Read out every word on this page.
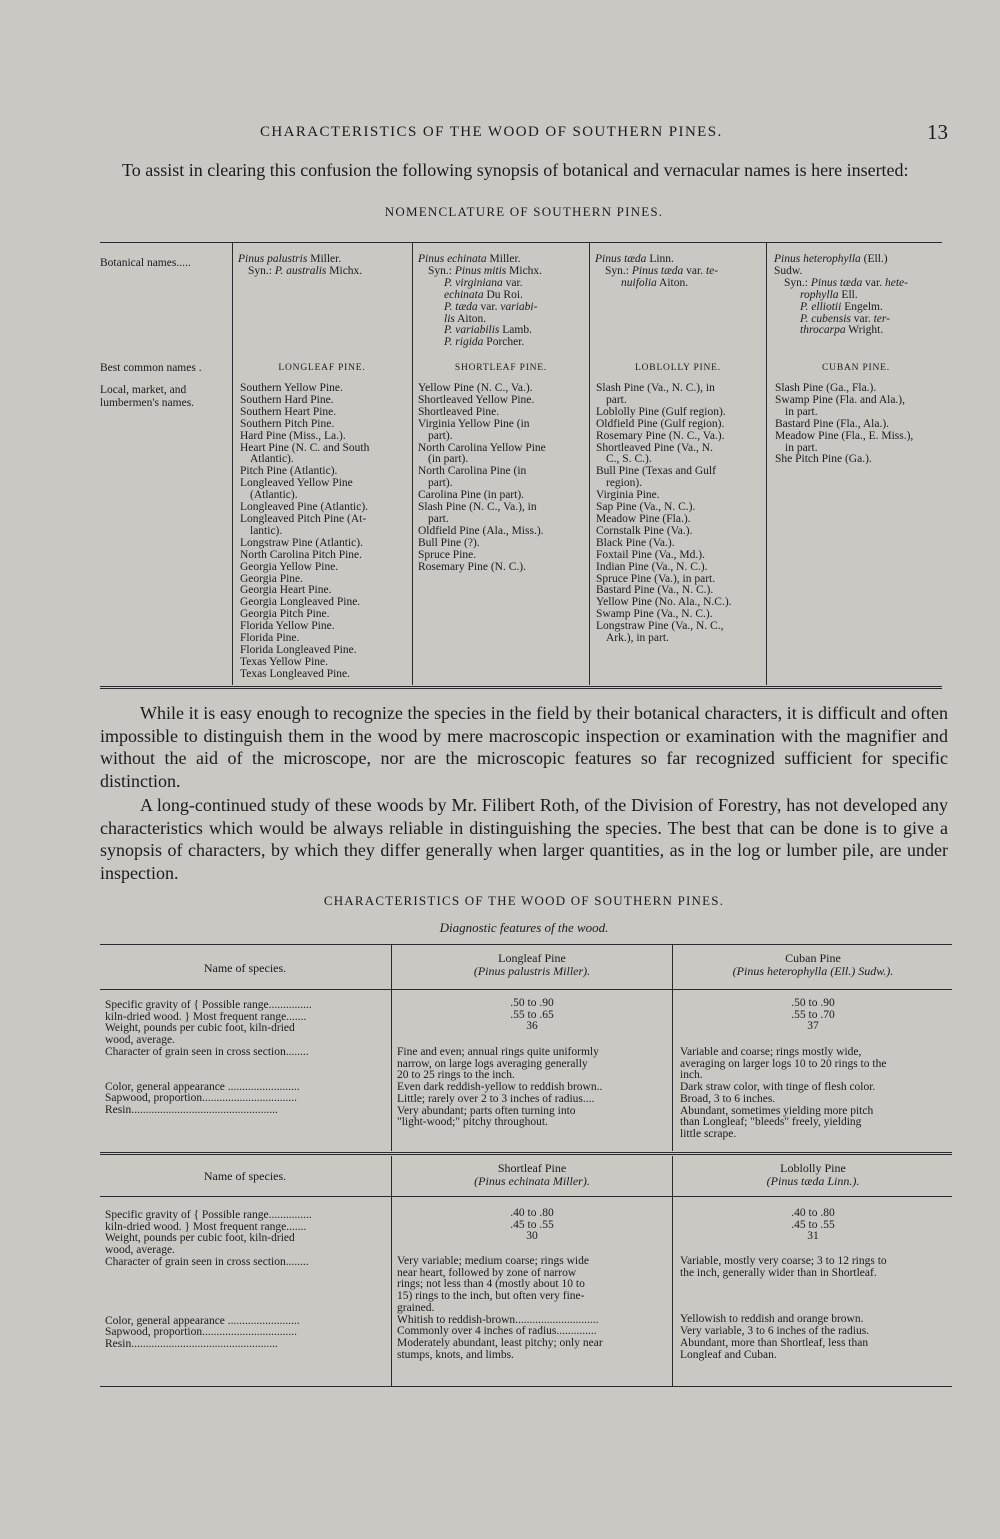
CHARACTERISTICS OF THE WOOD OF SOUTHERN PINES.	13
To assist in clearing this confusion the following synopsis of botanical and vernacular names is here inserted:
NOMENCLATURE OF SOUTHERN PINES.
Botanical names.....
Best common names .
Local, market, and
lumbermen's names.
Pinus palustris Miller.
Syn.: P. australis Michx.
LONGLEAF PINE.
Southern Yellow Pine.
Southern Hard Pine.
Southern Heart Pine.
Southern Pitch Pine.
Hard Pine (Miss., La.).
Heart Pine (N. C. and South
Atlantic).
Pitch Pine (Atlantic).
Longleaved Yellow Pine
(Atlantic).
Longleaved Pine (Atlantic).
Longleaved Pitch Pine (At-
lantic).
Longstraw Pine (Atlantic).
North Carolina Pitch Pine.
Georgia Yellow Pine.
Georgia Pine.
Georgia Heart Pine.
Georgia Longleaved Pine.
Georgia Pitch Pine.
Florida Yellow Pine.
Florida Pine.
Florida Longleaved Pine.
Texas Yellow Pine.
Texas Longleaved Pine.
Pinus echinata Miller.
Syn.: Pinus mitis Michx.
P. virginiana var.
echinata Du Roi.
P. tæda var. variabi-
lis Aiton.
P. variabilis Lamb.
P. rigida Porcher.
SHORTLEAF PINE.
Yellow Pine (N. C., Va.).
Shortleaved Yellow Pine.
Shortleaved Pine.
Virginia Yellow Pine (in
part).
North Carolina Yellow Pine
(in part).
North Carolina Pine (in
part).
Carolina Pine (in part).
Slash Pine (N. C., Va.), in
part.
Oldfield Pine (Ala., Miss.).
Bull Pine (?).
Spruce Pine.
Rosemary Pine (N. C.).
Pinus tæda Linn.
Syn.: Pinus tæda var. te-
nuifolia Aiton.
LOBLOLLY PINE.
Slash Pine (Va., N. C.), in
part.
Loblolly Pine (Gulf region).
Oldfield Pine (Gulf region).
Rosemary Pine (N. C., Va.).
Shortleaved Pine (Va., N.
C., S. C.).
Bull Pine (Texas and Gulf
region).
Virginia Pine.
Sap Pine (Va., N. C.).
Meadow Pine (Fla.).
Cornstalk Pine (Va.).
Black Pine (Va.).
Foxtail Pine (Va., Md.).
Indian Pine (Va., N. C.).
Spruce Pine (Va.), in part.
Bastard Pine (Va., N. C.).
Yellow Pine (No. Ala., N.C.).
Swamp Pine (Va., N. C.).
Longstraw Pine (Va., N. C.,
Ark.), in part.
Pinus heterophylla (Ell.)
Sudw.
Syn.: Pinus tæda var. hete-
rophylla Ell.
P. elliotii Engelm.
P. cubensis var. ter-
throcarpa Wright.
CUBAN PINE.
Slash Pine (Ga., Fla.).
Swamp Pine (Fla. and Ala.),
in part.
Bastard Pine (Fla., Ala.).
Meadow Pine (Fla., E. Miss.),
in part.
She Pitch Pine (Ga.).
While it is easy enough to recognize the species in the field by their botanical characters, it is difficult and often impossible to distinguish them in the wood by mere macroscopic inspection or examination with the magnifier and without the aid of the microscope, nor are the microscopic features so far recognized sufficient for specific distinction.
A long-continued study of these woods by Mr. Filibert Roth, of the Division of Forestry, has not developed any characteristics which would be always reliable in distinguishing the species. The best that can be done is to give a synopsis of characters, by which they differ generally when larger quantities, as in the log or lumber pile, are under inspection.
CHARACTERISTICS OF THE WOOD OF SOUTHERN PINES.
Diagnostic features of the wood.
Name of species.
Longleaf Pine
(Pinus palustris Miller).
Cuban Pine
(Pinus heterophylla (Ell.) Sudw.).
Specific gravity of { Possible range...............
kiln-dried wood. } Most frequent range.......
Weight, pounds per cubic foot, kiln-dried
wood, average.
Character of grain seen in cross section........
Color, general appearance .........................
Sapwood, proportion.................................
Resin...................................................
.50 to .90
.55 to .65
36
Fine and even; annual rings quite uniformly
narrow, on large logs averaging generally
20 to 25 rings to the inch.
Even dark reddish-yellow to reddish brown..
Little; rarely over 2 to 3 inches of radius....
Very abundant; parts often turning into
"light-wood;" pitchy throughout.
.50 to .90
.55 to .70
37
Variable and coarse; rings mostly wide,
averaging on larger logs 10 to 20 rings to the
inch.
Dark straw color, with tinge of flesh color.
Broad, 3 to 6 inches.
Abundant, sometimes yielding more pitch
than Longleaf; "bleeds" freely, yielding
little scrape.
Name of species.
Shortleaf Pine
(Pinus echinata Miller).
Loblolly Pine
(Pinus tæda Linn.).
Specific gravity of { Possible range...............
kiln-dried wood. } Most frequent range.......
Weight, pounds per cubic foot, kiln-dried
wood, average.
Character of grain seen in cross section........
Color, general appearance .........................
Sapwood, proportion.................................
Resin...................................................
.40 to .80
.45 to .55
30
Very variable; medium coarse; rings wide
near heart, followed by zone of narrow
rings; not less than 4 (mostly about 10 to
15) rings to the inch, but often very fine-
grained.
Whitish to reddish-brown.............................
Commonly over 4 inches of radius..............
Moderately abundant, least pitchy; only near
stumps, knots, and limbs.
.40 to .80
.45 to .55
31
Variable, mostly very coarse; 3 to 12 rings to
the inch, generally wider than in Shortleaf.
Yellowish to reddish and orange brown.
Very variable, 3 to 6 inches of the radius.
Abundant, more than Shortleaf, less than
Longleaf and Cuban.
